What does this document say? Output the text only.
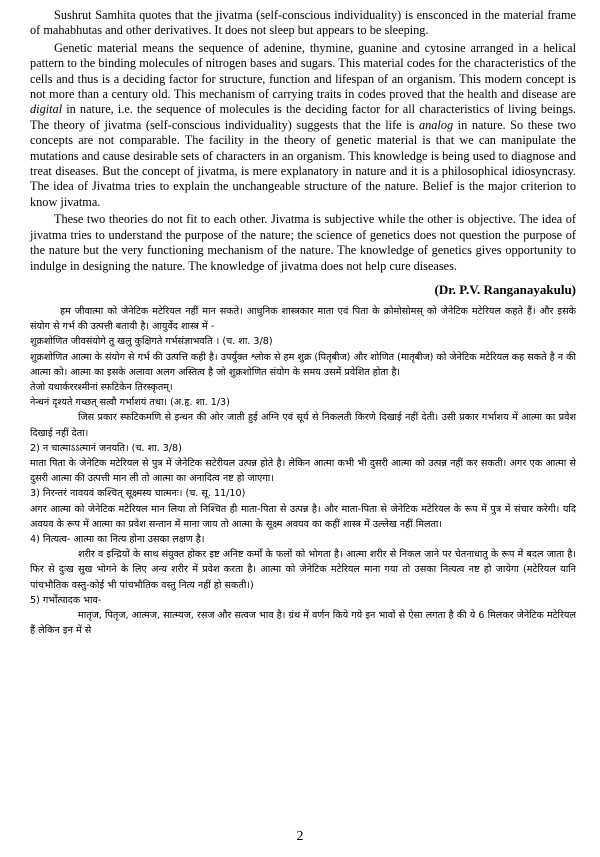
Sushrut Samhita quotes that the jivatma (self-conscious individuality) is ensconced in the material frame of mahabhutas and other derivatives. It does not sleep but appears to be sleeping.

Genetic material means the sequence of adenine, thymine, guanine and cytosine arranged in a helical pattern to the binding molecules of nitrogen bases and sugars. This material codes for the characteristics of the cells and thus is a deciding factor for structure, function and lifespan of an organism. This modern concept is not more than a century old. This mechanism of carrying traits in codes proved that the health and disease are digital in nature, i.e. the sequence of molecules is the deciding factor for all characteristics of living beings. The theory of jivatma (self-conscious individuality) suggests that the life is analog in nature. So these two concepts are not comparable. The facility in the theory of genetic material is that we can manipulate the mutations and cause desirable sets of characters in an organism. This knowledge is being used to diagnose and treat diseases. But the concept of jivatma, is mere explanatory in nature and it is a philosophical idiosyncrasy. The idea of Jivatma tries to explain the unchangeable structure of the nature. Belief is the major criterion to know jivatma.

These two theories do not fit to each other. Jivatma is subjective while the other is objective. The idea of jivatma tries to understand the purpose of the nature; the science of genetics does not question the purpose of the nature but the very functioning mechanism of the nature. The knowledge of genetics gives opportunity to indulge in designing the nature. The knowledge of jivatma does not help cure diseases.

(Dr. P.V. Ranganayakulu)
हम जीवात्मा को जेनेटिक मटेरियल नहीं मान सकते। आधुनिक शास्त्रकार माता एवं पिता के क्रोमोसोमस् को जेनेटिक मटेरियल कहते हैं। और इसके संयोग से गर्भ की उत्पत्ती बतायी है। आयुर्वेद शास्त्र में -
शुक्रशोणित जीवसंयोगे तु खलु कुक्षिगते गर्भसंज्ञाभवति । (च. शा. 3/8)
शुक्रशोणित आत्मा के संयोग से गर्भ की उत्पत्ति कही है। उपर्युक्त श्लोक से हम शुक्र (पितृबीज) और शोणित (मातृबीज) को जेनेटिक मटेरियल कह सकते है न की आत्मा को। आत्मा का इसके अलावा अलग अस्तित्व है जो शुक्रशोणित संयोग के समय उसमें प्रवेशित होता है।
तेजो यथार्कररश्मीनां स्फटिकेन तिरस्कृतम्।
नेन्धनं दृश्यते गच्छत् सत्वौ गर्भाशयं तथा। (अ.हृ. शा. 1/3)
जिस प्रकार स्फटिकमणि से इन्धन की ओर जाती हुई अग्नि एवं सूर्य से निकलती किरणे दिखाई नहीं देती। उसी प्रकार गर्भाशय में आत्मा का प्रवेश दिखाई नहीं देता।
2) न चात्माऽऽत्मानं जनयति। (च. शा. 3/8)
माता पिता के जेनेटिक मटेरियल से पुत्र में जेनेटिक सटेरीयल उत्पन्न होते है। लेकिन आत्मा कभी भी दुसरी आत्मा को उत्पन्न नहीं कर सकती। अगर एक आत्मा से दुसरी आत्मा की उत्पत्ती मान ली तो आत्मा का अनादित्व नष्ट हो जाएगा।
3) निरन्तरं नावयवं कश्चित् सूक्ष्मस्य चात्मनः। (च. सू. 11/10)
अगर आत्मा को जेनेटिक मटेरियल मान लिया तो निश्चित ही माता-पिता से उत्पन्न है। और माता-पिता से जेनेटिक मटेरियल के रूप में पुत्र में संचार करेगी। यदि अवयव के रूप में आत्मा का प्रवेश सन्तान में माना जाय तो आत्मा के सूक्ष्म अवयव का कहीं शास्त्र में उल्लेख नहीं मिलता।
4) नित्यत्व- आत्मा का नित्य होना उसका लक्षण है।
शरीर व इन्द्रियों के साथ संयुक्त होकर इष्ट अनिष्ट कर्मों के फलों को भोगता है। आत्मा शरीर से निकल जाने पर चेतनाधातु के रूप में बदल जाता है। फिर से दुःख सुख भोगने के लिए अन्य शरीर में प्रवेश करता है। आत्मा को जेनेटिक मटेरियल माना गया तो उसका नित्यत्व नष्ट हो जायेगा (मटेरियल यानि पांचभौतिक वस्तु-कोई भी पांचभौतिक वस्तु नित्य नहीं हो सकती।)
5) गर्भोत्पादक भाव-
मातृज, पितृज, आत्मज, सात्म्यज, रसज और सत्वज भाव है। ग्रंथ में वर्णन किये गये इन भावों से ऐसा लगता है की ये 6 मिलकर जेनेटिक मटेरियल हैं लेकिन इन में से
2
